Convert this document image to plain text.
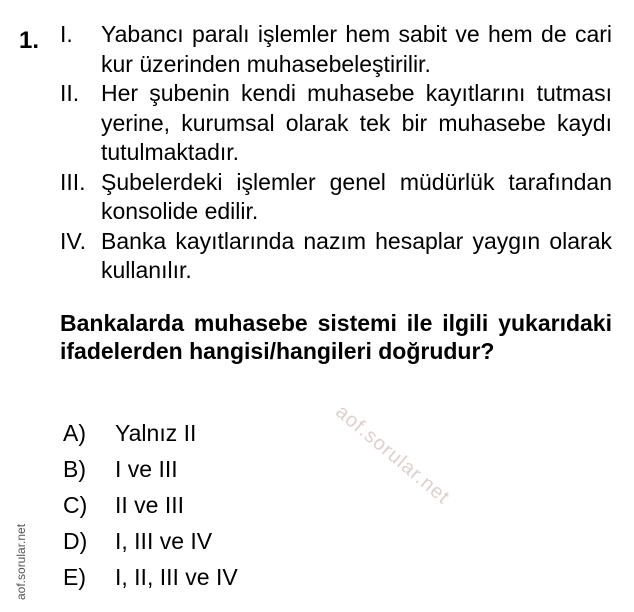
1. I.	Yabancı paralı işlemler hem sabit ve hem de cari kur üzerinden muhasebeleştirilir.
II. Her şubenin kendi muhasebe kayıtlarını tutması yerine, kurumsal olarak tek bir muhasebe kaydı tutulmaktadır.
III. Şubelerdeki işlemler genel müdürlük tarafından konsolide edilir.
IV. Banka kayıtlarında nazım hesaplar yaygın olarak kullanılır.
Bankalarda muhasebe sistemi ile ilgili yukarıdaki ifadelerden hangisi/hangileri doğrudur?
A)	Yalnız II
B)	I ve III
C)	II ve III
D)	I, III ve IV
E)	I, II, III ve IV
aof.sorular.net
aof.sorular.net
